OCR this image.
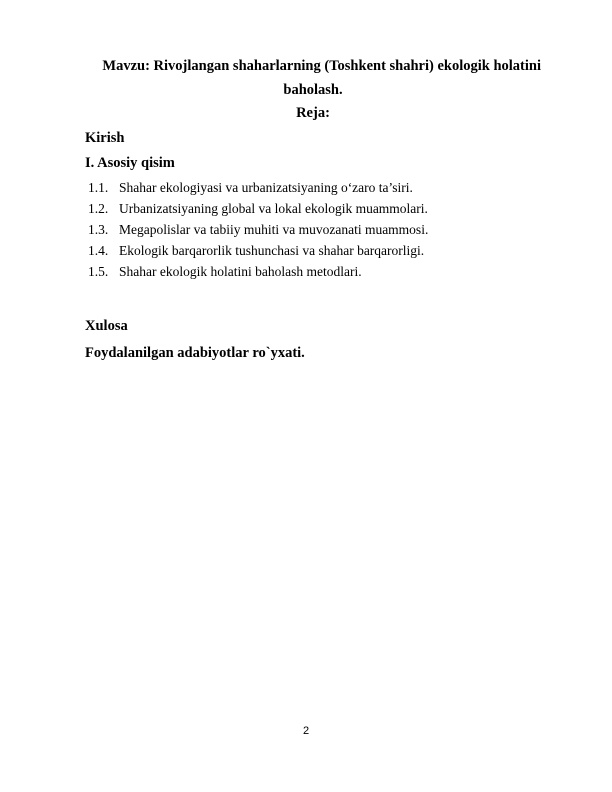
Mavzu: Rivojlangan shaharlarning (Toshkent shahri) ekologik holatini
baholash.
Reja:
Kirish
I. Asosiy qisim
1.1. Shahar ekologiyasi va urbanizatsiyaning o‘zaro ta’siri.
1.2. Urbanizatsiyaning global va lokal ekologik muammolari.
1.3. Megapolislar va tabiiy muhiti va muvozanati muammosi.
1.4. Ekologik barqarorlik tushunchasi va shahar barqarorligi.
1.5. Shahar ekologik holatini baholash metodlari.
Xulosa
Foydalanilgan adabiyotlar ro`yxati.
2
